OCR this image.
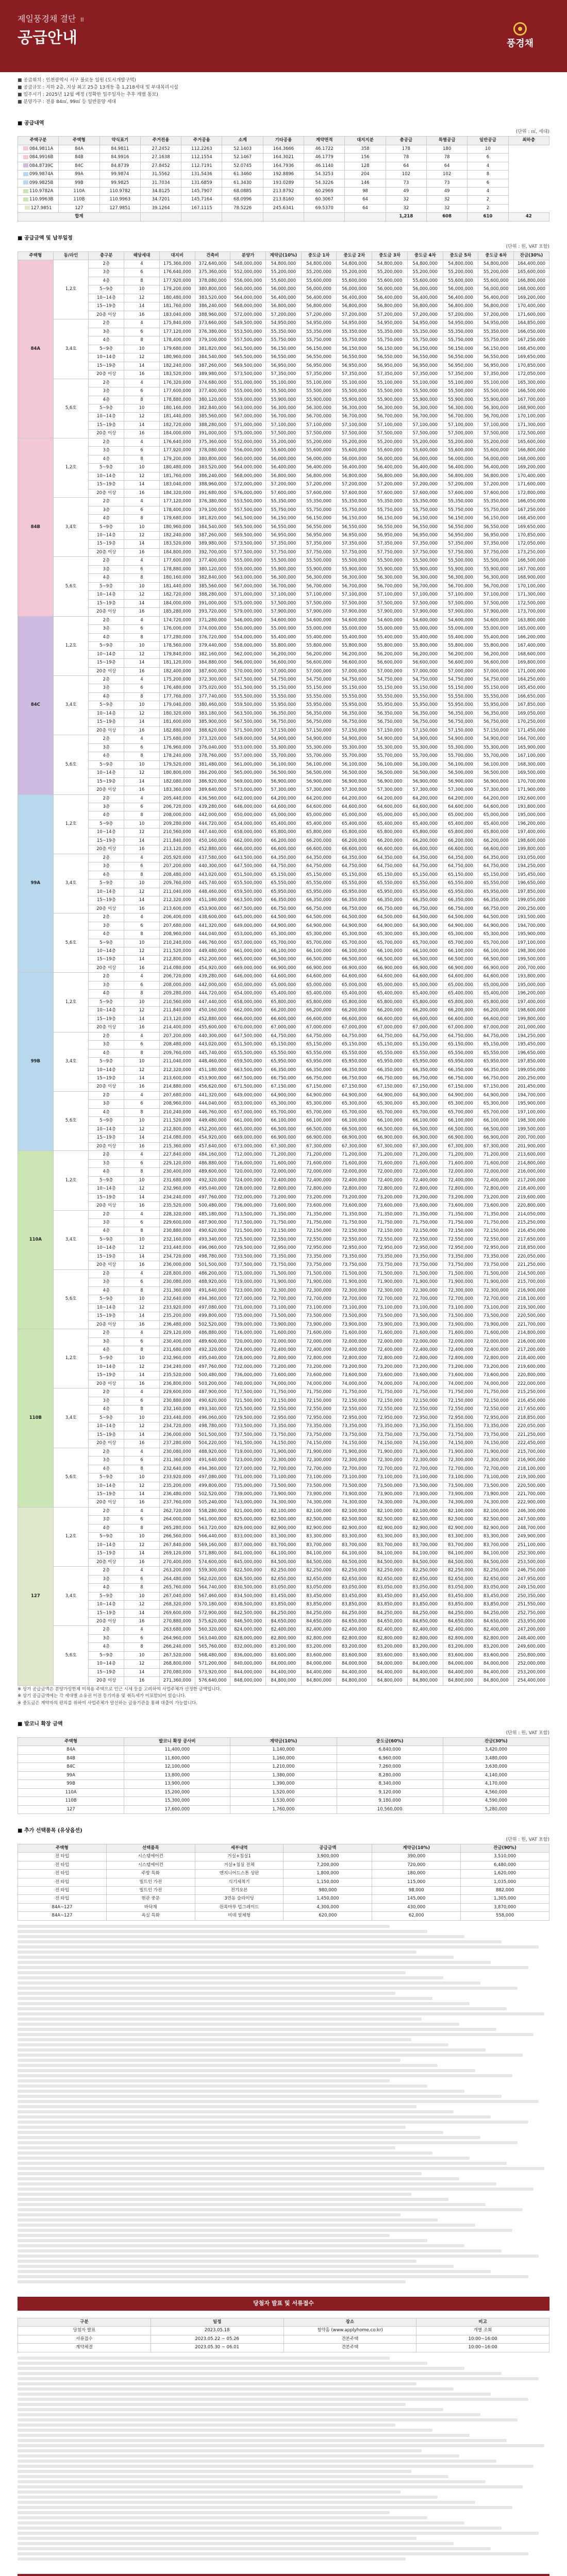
제일풍경채 결단 II
공급안내	풍경채

■ 공급위치 : 인천광역시 서구 불로동 일원 (도시개발구역)

■ 공급규모 : 지하 2층, 지상 최고 25층 13개동 총 1,218세대 및 부대복리시설

■ 입주시기 : 2025년 12월 예정 (정확한 입주일자는 추후 개별 통보)

■ 분양가구 : 전용 84㎡, 99㎡ 등 일반분양 세대

■ 공급내역
(단위 : ㎡, 세대)
주택구분	주택형	약식표기	주거전용	주거공용	소계	기타공용	계약면적	대지지분	총공급	특별공급	일반공급	최하층
084.9811A	84A	84.9811	27.2452	112.2263	52.1403	164.3666	46.1722	358	178	180	10	
084.9916B	84B	84.9916	27.1638	112.1554	52.1467	164.3021	46.1779	156	78	78	6	
084.8739C	84C	84.8739	27.8452	112.7191	52.0745	164.7936	46.1140	128	64	64	4	
099.9874A	99A	99.9874	31.5562	131.5436	61.3460	192.8896	54.3253	204	102	102	8	
099.9825B	99B	99.9825	31.7034	131.6859	61.3430	193.0289	54.3226	146	73	73	6	
110.9782A	110A	110.9782	34.8125	145.7907	68.0885	213.8792	60.2969	98	49	49	4	
110.9963B	110B	110.9963	34.7201	145.7164	68.0996	213.8160	60.3067	64	32	32	2	
127.9851	127	127.9851	39.1264	167.1115	78.5226	245.6341	69.5370	64	32	32	2	
합계									1,218	608	610	42
■ 공급금액 및 납부일정
(단위 : 원, VAT 포함)
주택형	동/라인	층구분	해당세대	대지비	건축비	분양가	계약금(10%)	중도금 1차	중도금 2차	중도금 3차	중도금 4차	중도금 5차	중도금 6차	잔금(30%)
84A	1,2호	2층	4	175,360,000	372,640,000	548,000,000	54,800,000	54,800,000	54,800,000	54,800,000	54,800,000	54,800,000	54,800,000	164,400,000
		3층	6	176,640,000	375,360,000	552,000,000	55,200,000	55,200,000	55,200,000	55,200,000	55,200,000	55,200,000	55,200,000	165,600,000
		4층	8	177,920,000	378,080,000	556,000,000	55,600,000	55,600,000	55,600,000	55,600,000	55,600,000	55,600,000	55,600,000	166,800,000
		5~9층	10	179,200,000	380,800,000	560,000,000	56,000,000	56,000,000	56,000,000	56,000,000	56,000,000	56,000,000	56,000,000	168,000,000
		10~14층	12	180,480,000	383,520,000	564,000,000	56,400,000	56,400,000	56,400,000	56,400,000	56,400,000	56,400,000	56,400,000	169,200,000
		15~19층	14	181,760,000	386,240,000	568,000,000	56,800,000	56,800,000	56,800,000	56,800,000	56,800,000	56,800,000	56,800,000	170,400,000
		20층 이상	16	183,040,000	388,960,000	572,000,000	57,200,000	57,200,000	57,200,000	57,200,000	57,200,000	57,200,000	57,200,000	171,600,000
	3,4호	2층	4	175,840,000	373,660,000	549,500,000	54,950,000	54,950,000	54,950,000	54,950,000	54,950,000	54,950,000	54,950,000	164,850,000
		3층	6	177,120,000	376,380,000	553,500,000	55,350,000	55,350,000	55,350,000	55,350,000	55,350,000	55,350,000	55,350,000	166,050,000
		4층	8	178,400,000	379,100,000	557,500,000	55,750,000	55,750,000	55,750,000	55,750,000	55,750,000	55,750,000	55,750,000	167,250,000
		5~9층	10	179,680,000	381,820,000	561,500,000	56,150,000	56,150,000	56,150,000	56,150,000	56,150,000	56,150,000	56,150,000	168,450,000
		10~14층	12	180,960,000	384,540,000	565,500,000	56,550,000	56,550,000	56,550,000	56,550,000	56,550,000	56,550,000	56,550,000	169,650,000
		15~19층	14	182,240,000	387,260,000	569,500,000	56,950,000	56,950,000	56,950,000	56,950,000	56,950,000	56,950,000	56,950,000	170,850,000
		20층 이상	16	183,520,000	389,980,000	573,500,000	57,350,000	57,350,000	57,350,000	57,350,000	57,350,000	57,350,000	57,350,000	172,050,000
	5,6호	2층	4	176,320,000	374,680,000	551,000,000	55,100,000	55,100,000	55,100,000	55,100,000	55,100,000	55,100,000	55,100,000	165,300,000
		3층	6	177,600,000	377,400,000	555,000,000	55,500,000	55,500,000	55,500,000	55,500,000	55,500,000	55,500,000	55,500,000	166,500,000
		4층	8	178,880,000	380,120,000	559,000,000	55,900,000	55,900,000	55,900,000	55,900,000	55,900,000	55,900,000	55,900,000	167,700,000
		5~9층	10	180,160,000	382,840,000	563,000,000	56,300,000	56,300,000	56,300,000	56,300,000	56,300,000	56,300,000	56,300,000	168,900,000
		10~14층	12	181,440,000	385,560,000	567,000,000	56,700,000	56,700,000	56,700,000	56,700,000	56,700,000	56,700,000	56,700,000	170,100,000
		15~19층	14	182,720,000	388,280,000	571,000,000	57,100,000	57,100,000	57,100,000	57,100,000	57,100,000	57,100,000	57,100,000	171,300,000
		20층 이상	16	184,000,000	391,000,000	575,000,000	57,500,000	57,500,000	57,500,000	57,500,000	57,500,000	57,500,000	57,500,000	172,500,000
84B	1,2호	2층	4	176,640,000	375,360,000	552,000,000	55,200,000	55,200,000	55,200,000	55,200,000	55,200,000	55,200,000	55,200,000	165,600,000
		3층	6	177,920,000	378,080,000	556,000,000	55,600,000	55,600,000	55,600,000	55,600,000	55,600,000	55,600,000	55,600,000	166,800,000
		4층	8	179,200,000	380,800,000	560,000,000	56,000,000	56,000,000	56,000,000	56,000,000	56,000,000	56,000,000	56,000,000	168,000,000
		5~9층	10	180,480,000	383,520,000	564,000,000	56,400,000	56,400,000	56,400,000	56,400,000	56,400,000	56,400,000	56,400,000	169,200,000
		10~14층	12	181,760,000	386,240,000	568,000,000	56,800,000	56,800,000	56,800,000	56,800,000	56,800,000	56,800,000	56,800,000	170,400,000
		15~19층	14	183,040,000	388,960,000	572,000,000	57,200,000	57,200,000	57,200,000	57,200,000	57,200,000	57,200,000	57,200,000	171,600,000
		20층 이상	16	184,320,000	391,680,000	576,000,000	57,600,000	57,600,000	57,600,000	57,600,000	57,600,000	57,600,000	57,600,000	172,800,000
	3,4호	2층	4	177,120,000	376,380,000	553,500,000	55,350,000	55,350,000	55,350,000	55,350,000	55,350,000	55,350,000	55,350,000	166,050,000
		3층	6	178,400,000	379,100,000	557,500,000	55,750,000	55,750,000	55,750,000	55,750,000	55,750,000	55,750,000	55,750,000	167,250,000
		4층	8	179,680,000	381,820,000	561,500,000	56,150,000	56,150,000	56,150,000	56,150,000	56,150,000	56,150,000	56,150,000	168,450,000
		5~9층	10	180,960,000	384,540,000	565,500,000	56,550,000	56,550,000	56,550,000	56,550,000	56,550,000	56,550,000	56,550,000	169,650,000
		10~14층	12	182,240,000	387,260,000	569,500,000	56,950,000	56,950,000	56,950,000	56,950,000	56,950,000	56,950,000	56,950,000	170,850,000
		15~19층	14	183,520,000	389,980,000	573,500,000	57,350,000	57,350,000	57,350,000	57,350,000	57,350,000	57,350,000	57,350,000	172,050,000
		20층 이상	16	184,800,000	392,700,000	577,500,000	57,750,000	57,750,000	57,750,000	57,750,000	57,750,000	57,750,000	57,750,000	173,250,000
	5,6호	2층	4	177,600,000	377,400,000	555,000,000	55,500,000	55,500,000	55,500,000	55,500,000	55,500,000	55,500,000	55,500,000	166,500,000
		3층	6	178,880,000	380,120,000	559,000,000	55,900,000	55,900,000	55,900,000	55,900,000	55,900,000	55,900,000	55,900,000	167,700,000
		4층	8	180,160,000	382,840,000	563,000,000	56,300,000	56,300,000	56,300,000	56,300,000	56,300,000	56,300,000	56,300,000	168,900,000
		5~9층	10	181,440,000	385,560,000	567,000,000	56,700,000	56,700,000	56,700,000	56,700,000	56,700,000	56,700,000	56,700,000	170,100,000
		10~14층	12	182,720,000	388,280,000	571,000,000	57,100,000	57,100,000	57,100,000	57,100,000	57,100,000	57,100,000	57,100,000	171,300,000
		15~19층	14	184,000,000	391,000,000	575,000,000	57,500,000	57,500,000	57,500,000	57,500,000	57,500,000	57,500,000	57,500,000	172,500,000
		20층 이상	16	185,280,000	393,720,000	579,000,000	57,900,000	57,900,000	57,900,000	57,900,000	57,900,000	57,900,000	57,900,000	173,700,000
84C	1,2호	2층	4	174,720,000	371,280,000	546,000,000	54,600,000	54,600,000	54,600,000	54,600,000	54,600,000	54,600,000	54,600,000	163,800,000
		3층	6	176,000,000	374,000,000	550,000,000	55,000,000	55,000,000	55,000,000	55,000,000	55,000,000	55,000,000	55,000,000	165,000,000
		4층	8	177,280,000	376,720,000	554,000,000	55,400,000	55,400,000	55,400,000	55,400,000	55,400,000	55,400,000	55,400,000	166,200,000
		5~9층	10	178,560,000	379,440,000	558,000,000	55,800,000	55,800,000	55,800,000	55,800,000	55,800,000	55,800,000	55,800,000	167,400,000
		10~14층	12	179,840,000	382,160,000	562,000,000	56,200,000	56,200,000	56,200,000	56,200,000	56,200,000	56,200,000	56,200,000	168,600,000
		15~19층	14	181,120,000	384,880,000	566,000,000	56,600,000	56,600,000	56,600,000	56,600,000	56,600,000	56,600,000	56,600,000	169,800,000
		20층 이상	16	182,400,000	387,600,000	570,000,000	57,000,000	57,000,000	57,000,000	57,000,000	57,000,000	57,000,000	57,000,000	171,000,000
	3,4호	2층	4	175,200,000	372,300,000	547,500,000	54,750,000	54,750,000	54,750,000	54,750,000	54,750,000	54,750,000	54,750,000	164,250,000
		3층	6	176,480,000	375,020,000	551,500,000	55,150,000	55,150,000	55,150,000	55,150,000	55,150,000	55,150,000	55,150,000	165,450,000
		4층	8	177,760,000	377,740,000	555,500,000	55,550,000	55,550,000	55,550,000	55,550,000	55,550,000	55,550,000	55,550,000	166,650,000
		5~9층	10	179,040,000	380,460,000	559,500,000	55,950,000	55,950,000	55,950,000	55,950,000	55,950,000	55,950,000	55,950,000	167,850,000
		10~14층	12	180,320,000	383,180,000	563,500,000	56,350,000	56,350,000	56,350,000	56,350,000	56,350,000	56,350,000	56,350,000	169,050,000
		15~19층	14	181,600,000	385,900,000	567,500,000	56,750,000	56,750,000	56,750,000	56,750,000	56,750,000	56,750,000	56,750,000	170,250,000
		20층 이상	16	182,880,000	388,620,000	571,500,000	57,150,000	57,150,000	57,150,000	57,150,000	57,150,000	57,150,000	57,150,000	171,450,000
	5,6호	2층	4	175,680,000	373,320,000	549,000,000	54,900,000	54,900,000	54,900,000	54,900,000	54,900,000	54,900,000	54,900,000	164,700,000
		3층	6	176,960,000	376,040,000	553,000,000	55,300,000	55,300,000	55,300,000	55,300,000	55,300,000	55,300,000	55,300,000	165,900,000
		4층	8	178,240,000	378,760,000	557,000,000	55,700,000	55,700,000	55,700,000	55,700,000	55,700,000	55,700,000	55,700,000	167,100,000
		5~9층	10	179,520,000	381,480,000	561,000,000	56,100,000	56,100,000	56,100,000	56,100,000	56,100,000	56,100,000	56,100,000	168,300,000
		10~14층	12	180,800,000	384,200,000	565,000,000	56,500,000	56,500,000	56,500,000	56,500,000	56,500,000	56,500,000	56,500,000	169,500,000
		15~19층	14	182,080,000	386,920,000	569,000,000	56,900,000	56,900,000	56,900,000	56,900,000	56,900,000	56,900,000	56,900,000	170,700,000
		20층 이상	16	183,360,000	389,640,000	573,000,000	57,300,000	57,300,000	57,300,000	57,300,000	57,300,000	57,300,000	57,300,000	171,900,000
99A	1,2호	2층	4	205,440,000	436,560,000	642,000,000	64,200,000	64,200,000	64,200,000	64,200,000	64,200,000	64,200,000	64,200,000	192,600,000
		3층	6	206,720,000	439,280,000	646,000,000	64,600,000	64,600,000	64,600,000	64,600,000	64,600,000	64,600,000	64,600,000	193,800,000
		4층	8	208,000,000	442,000,000	650,000,000	65,000,000	65,000,000	65,000,000	65,000,000	65,000,000	65,000,000	65,000,000	195,000,000
		5~9층	10	209,280,000	444,720,000	654,000,000	65,400,000	65,400,000	65,400,000	65,400,000	65,400,000	65,400,000	65,400,000	196,200,000
		10~14층	12	210,560,000	447,440,000	658,000,000	65,800,000	65,800,000	65,800,000	65,800,000	65,800,000	65,800,000	65,800,000	197,400,000
		15~19층	14	211,840,000	450,160,000	662,000,000	66,200,000	66,200,000	66,200,000	66,200,000	66,200,000	66,200,000	66,200,000	198,600,000
		20층 이상	16	213,120,000	452,880,000	666,000,000	66,600,000	66,600,000	66,600,000	66,600,000	66,600,000	66,600,000	66,600,000	199,800,000
	3,4호	2층	4	205,920,000	437,580,000	643,500,000	64,350,000	64,350,000	64,350,000	64,350,000	64,350,000	64,350,000	64,350,000	193,050,000
		3층	6	207,200,000	440,300,000	647,500,000	64,750,000	64,750,000	64,750,000	64,750,000	64,750,000	64,750,000	64,750,000	194,250,000
		4층	8	208,480,000	443,020,000	651,500,000	65,150,000	65,150,000	65,150,000	65,150,000	65,150,000	65,150,000	65,150,000	195,450,000
		5~9층	10	209,760,000	445,740,000	655,500,000	65,550,000	65,550,000	65,550,000	65,550,000	65,550,000	65,550,000	65,550,000	196,650,000
		10~14층	12	211,040,000	448,460,000	659,500,000	65,950,000	65,950,000	65,950,000	65,950,000	65,950,000	65,950,000	65,950,000	197,850,000
		15~19층	14	212,320,000	451,180,000	663,500,000	66,350,000	66,350,000	66,350,000	66,350,000	66,350,000	66,350,000	66,350,000	199,050,000
		20층 이상	16	213,600,000	453,900,000	667,500,000	66,750,000	66,750,000	66,750,000	66,750,000	66,750,000	66,750,000	66,750,000	200,250,000
	5,6호	2층	4	206,400,000	438,600,000	645,000,000	64,500,000	64,500,000	64,500,000	64,500,000	64,500,000	64,500,000	64,500,000	193,500,000
		3층	6	207,680,000	441,320,000	649,000,000	64,900,000	64,900,000	64,900,000	64,900,000	64,900,000	64,900,000	64,900,000	194,700,000
		4층	8	208,960,000	444,040,000	653,000,000	65,300,000	65,300,000	65,300,000	65,300,000	65,300,000	65,300,000	65,300,000	195,900,000
		5~9층	10	210,240,000	446,760,000	657,000,000	65,700,000	65,700,000	65,700,000	65,700,000	65,700,000	65,700,000	65,700,000	197,100,000
		10~14층	12	211,520,000	449,480,000	661,000,000	66,100,000	66,100,000	66,100,000	66,100,000	66,100,000	66,100,000	66,100,000	198,300,000
		15~19층	14	212,800,000	452,200,000	665,000,000	66,500,000	66,500,000	66,500,000	66,500,000	66,500,000	66,500,000	66,500,000	199,500,000
		20층 이상	16	214,080,000	454,920,000	669,000,000	66,900,000	66,900,000	66,900,000	66,900,000	66,900,000	66,900,000	66,900,000	200,700,000
99B	1,2호	2층	4	206,720,000	439,280,000	646,000,000	64,600,000	64,600,000	64,600,000	64,600,000	64,600,000	64,600,000	64,600,000	193,800,000
		3층	6	208,000,000	442,000,000	650,000,000	65,000,000	65,000,000	65,000,000	65,000,000	65,000,000	65,000,000	65,000,000	195,000,000
		4층	8	209,280,000	444,720,000	654,000,000	65,400,000	65,400,000	65,400,000	65,400,000	65,400,000	65,400,000	65,400,000	196,200,000
		5~9층	10	210,560,000	447,440,000	658,000,000	65,800,000	65,800,000	65,800,000	65,800,000	65,800,000	65,800,000	65,800,000	197,400,000
		10~14층	12	211,840,000	450,160,000	662,000,000	66,200,000	66,200,000	66,200,000	66,200,000	66,200,000	66,200,000	66,200,000	198,600,000
		15~19층	14	213,120,000	452,880,000	666,000,000	66,600,000	66,600,000	66,600,000	66,600,000	66,600,000	66,600,000	66,600,000	199,800,000
		20층 이상	16	214,400,000	455,600,000	670,000,000	67,000,000	67,000,000	67,000,000	67,000,000	67,000,000	67,000,000	67,000,000	201,000,000
	3,4호	2층	4	207,200,000	440,300,000	647,500,000	64,750,000	64,750,000	64,750,000	64,750,000	64,750,000	64,750,000	64,750,000	194,250,000
		3층	6	208,480,000	443,020,000	651,500,000	65,150,000	65,150,000	65,150,000	65,150,000	65,150,000	65,150,000	65,150,000	195,450,000
		4층	8	209,760,000	445,740,000	655,500,000	65,550,000	65,550,000	65,550,000	65,550,000	65,550,000	65,550,000	65,550,000	196,650,000
		5~9층	10	211,040,000	448,460,000	659,500,000	65,950,000	65,950,000	65,950,000	65,950,000	65,950,000	65,950,000	65,950,000	197,850,000
		10~14층	12	212,320,000	451,180,000	663,500,000	66,350,000	66,350,000	66,350,000	66,350,000	66,350,000	66,350,000	66,350,000	199,050,000
		15~19층	14	213,600,000	453,900,000	667,500,000	66,750,000	66,750,000	66,750,000	66,750,000	66,750,000	66,750,000	66,750,000	200,250,000
		20층 이상	16	214,880,000	456,620,000	671,500,000	67,150,000	67,150,000	67,150,000	67,150,000	67,150,000	67,150,000	67,150,000	201,450,000
	5,6호	2층	4	207,680,000	441,320,000	649,000,000	64,900,000	64,900,000	64,900,000	64,900,000	64,900,000	64,900,000	64,900,000	194,700,000
		3층	6	208,960,000	444,040,000	653,000,000	65,300,000	65,300,000	65,300,000	65,300,000	65,300,000	65,300,000	65,300,000	195,900,000
		4층	8	210,240,000	446,760,000	657,000,000	65,700,000	65,700,000	65,700,000	65,700,000	65,700,000	65,700,000	65,700,000	197,100,000
		5~9층	10	211,520,000	449,480,000	661,000,000	66,100,000	66,100,000	66,100,000	66,100,000	66,100,000	66,100,000	66,100,000	198,300,000
		10~14층	12	212,800,000	452,200,000	665,000,000	66,500,000	66,500,000	66,500,000	66,500,000	66,500,000	66,500,000	66,500,000	199,500,000
		15~19층	14	214,080,000	454,920,000	669,000,000	66,900,000	66,900,000	66,900,000	66,900,000	66,900,000	66,900,000	66,900,000	200,700,000
		20층 이상	16	215,360,000	457,640,000	673,000,000	67,300,000	67,300,000	67,300,000	67,300,000	67,300,000	67,300,000	67,300,000	201,900,000
110A	1,2호	2층	4	227,840,000	484,160,000	712,000,000	71,200,000	71,200,000	71,200,000	71,200,000	71,200,000	71,200,000	71,200,000	213,600,000
		3층	6	229,120,000	486,880,000	716,000,000	71,600,000	71,600,000	71,600,000	71,600,000	71,600,000	71,600,000	71,600,000	214,800,000
		4층	8	230,400,000	489,600,000	720,000,000	72,000,000	72,000,000	72,000,000	72,000,000	72,000,000	72,000,000	72,000,000	216,000,000
		5~9층	10	231,680,000	492,320,000	724,000,000	72,400,000	72,400,000	72,400,000	72,400,000	72,400,000	72,400,000	72,400,000	217,200,000
		10~14층	12	232,960,000	495,040,000	728,000,000	72,800,000	72,800,000	72,800,000	72,800,000	72,800,000	72,800,000	72,800,000	218,400,000
		15~19층	14	234,240,000	497,760,000	732,000,000	73,200,000	73,200,000	73,200,000	73,200,000	73,200,000	73,200,000	73,200,000	219,600,000
		20층 이상	16	235,520,000	500,480,000	736,000,000	73,600,000	73,600,000	73,600,000	73,600,000	73,600,000	73,600,000	73,600,000	220,800,000
	3,4호	2층	4	228,320,000	485,180,000	713,500,000	71,350,000	71,350,000	71,350,000	71,350,000	71,350,000	71,350,000	71,350,000	214,050,000
		3층	6	229,600,000	487,900,000	717,500,000	71,750,000	71,750,000	71,750,000	71,750,000	71,750,000	71,750,000	71,750,000	215,250,000
		4층	8	230,880,000	490,620,000	721,500,000	72,150,000	72,150,000	72,150,000	72,150,000	72,150,000	72,150,000	72,150,000	216,450,000
		5~9층	10	232,160,000	493,340,000	725,500,000	72,550,000	72,550,000	72,550,000	72,550,000	72,550,000	72,550,000	72,550,000	217,650,000
		10~14층	12	233,440,000	496,060,000	729,500,000	72,950,000	72,950,000	72,950,000	72,950,000	72,950,000	72,950,000	72,950,000	218,850,000
		15~19층	14	234,720,000	498,780,000	733,500,000	73,350,000	73,350,000	73,350,000	73,350,000	73,350,000	73,350,000	73,350,000	220,050,000
		20층 이상	16	236,000,000	501,500,000	737,500,000	73,750,000	73,750,000	73,750,000	73,750,000	73,750,000	73,750,000	73,750,000	221,250,000
	5,6호	2층	4	228,800,000	486,200,000	715,000,000	71,500,000	71,500,000	71,500,000	71,500,000	71,500,000	71,500,000	71,500,000	214,500,000
		3층	6	230,080,000	488,920,000	719,000,000	71,900,000	71,900,000	71,900,000	71,900,000	71,900,000	71,900,000	71,900,000	215,700,000
		4층	8	231,360,000	491,640,000	723,000,000	72,300,000	72,300,000	72,300,000	72,300,000	72,300,000	72,300,000	72,300,000	216,900,000
		5~9층	10	232,640,000	494,360,000	727,000,000	72,700,000	72,700,000	72,700,000	72,700,000	72,700,000	72,700,000	72,700,000	218,100,000
		10~14층	12	233,920,000	497,080,000	731,000,000	73,100,000	73,100,000	73,100,000	73,100,000	73,100,000	73,100,000	73,100,000	219,300,000
		15~19층	14	235,200,000	499,800,000	735,000,000	73,500,000	73,500,000	73,500,000	73,500,000	73,500,000	73,500,000	73,500,000	220,500,000
		20층 이상	16	236,480,000	502,520,000	739,000,000	73,900,000	73,900,000	73,900,000	73,900,000	73,900,000	73,900,000	73,900,000	221,700,000
110B	1,2호	2층	4	229,120,000	486,880,000	716,000,000	71,600,000	71,600,000	71,600,000	71,600,000	71,600,000	71,600,000	71,600,000	214,800,000
		3층	6	230,400,000	489,600,000	720,000,000	72,000,000	72,000,000	72,000,000	72,000,000	72,000,000	72,000,000	72,000,000	216,000,000
		4층	8	231,680,000	492,320,000	724,000,000	72,400,000	72,400,000	72,400,000	72,400,000	72,400,000	72,400,000	72,400,000	217,200,000
		5~9층	10	232,960,000	495,040,000	728,000,000	72,800,000	72,800,000	72,800,000	72,800,000	72,800,000	72,800,000	72,800,000	218,400,000
		10~14층	12	234,240,000	497,760,000	732,000,000	73,200,000	73,200,000	73,200,000	73,200,000	73,200,000	73,200,000	73,200,000	219,600,000
		15~19층	14	235,520,000	500,480,000	736,000,000	73,600,000	73,600,000	73,600,000	73,600,000	73,600,000	73,600,000	73,600,000	220,800,000
		20층 이상	16	236,800,000	503,200,000	740,000,000	74,000,000	74,000,000	74,000,000	74,000,000	74,000,000	74,000,000	74,000,000	222,000,000
	3,4호	2층	4	229,600,000	487,900,000	717,500,000	71,750,000	71,750,000	71,750,000	71,750,000	71,750,000	71,750,000	71,750,000	215,250,000
		3층	6	230,880,000	490,620,000	721,500,000	72,150,000	72,150,000	72,150,000	72,150,000	72,150,000	72,150,000	72,150,000	216,450,000
		4층	8	232,160,000	493,340,000	725,500,000	72,550,000	72,550,000	72,550,000	72,550,000	72,550,000	72,550,000	72,550,000	217,650,000
		5~9층	10	233,440,000	496,060,000	729,500,000	72,950,000	72,950,000	72,950,000	72,950,000	72,950,000	72,950,000	72,950,000	218,850,000
		10~14층	12	234,720,000	498,780,000	733,500,000	73,350,000	73,350,000	73,350,000	73,350,000	73,350,000	73,350,000	73,350,000	220,050,000
		15~19층	14	236,000,000	501,500,000	737,500,000	73,750,000	73,750,000	73,750,000	73,750,000	73,750,000	73,750,000	73,750,000	221,250,000
		20층 이상	16	237,280,000	504,220,000	741,500,000	74,150,000	74,150,000	74,150,000	74,150,000	74,150,000	74,150,000	74,150,000	222,450,000
	5,6호	2층	4	230,080,000	488,920,000	719,000,000	71,900,000	71,900,000	71,900,000	71,900,000	71,900,000	71,900,000	71,900,000	215,700,000
		3층	6	231,360,000	491,640,000	723,000,000	72,300,000	72,300,000	72,300,000	72,300,000	72,300,000	72,300,000	72,300,000	216,900,000
		4층	8	232,640,000	494,360,000	727,000,000	72,700,000	72,700,000	72,700,000	72,700,000	72,700,000	72,700,000	72,700,000	218,100,000
		5~9층	10	233,920,000	497,080,000	731,000,000	73,100,000	73,100,000	73,100,000	73,100,000	73,100,000	73,100,000	73,100,000	219,300,000
		10~14층	12	235,200,000	499,800,000	735,000,000	73,500,000	73,500,000	73,500,000	73,500,000	73,500,000	73,500,000	73,500,000	220,500,000
		15~19층	14	236,480,000	502,520,000	739,000,000	73,900,000	73,900,000	73,900,000	73,900,000	73,900,000	73,900,000	73,900,000	221,700,000
		20층 이상	16	237,760,000	505,240,000	743,000,000	74,300,000	74,300,000	74,300,000	74,300,000	74,300,000	74,300,000	74,300,000	222,900,000
127	1,2호	2층	4	262,720,000	558,280,000	821,000,000	82,100,000	82,100,000	82,100,000	82,100,000	82,100,000	82,100,000	82,100,000	246,300,000
		3층	6	264,000,000	561,000,000	825,000,000	82,500,000	82,500,000	82,500,000	82,500,000	82,500,000	82,500,000	82,500,000	247,500,000
		4층	8	265,280,000	563,720,000	829,000,000	82,900,000	82,900,000	82,900,000	82,900,000	82,900,000	82,900,000	82,900,000	248,700,000
		5~9층	10	266,560,000	566,440,000	833,000,000	83,300,000	83,300,000	83,300,000	83,300,000	83,300,000	83,300,000	83,300,000	249,900,000
		10~14층	12	267,840,000	569,160,000	837,000,000	83,700,000	83,700,000	83,700,000	83,700,000	83,700,000	83,700,000	83,700,000	251,100,000
		15~19층	14	269,120,000	571,880,000	841,000,000	84,100,000	84,100,000	84,100,000	84,100,000	84,100,000	84,100,000	84,100,000	252,300,000
		20층 이상	16	270,400,000	574,600,000	845,000,000	84,500,000	84,500,000	84,500,000	84,500,000	84,500,000	84,500,000	84,500,000	253,500,000
	3,4호	2층	4	263,200,000	559,300,000	822,500,000	82,250,000	82,250,000	82,250,000	82,250,000	82,250,000	82,250,000	82,250,000	246,750,000
		3층	6	264,480,000	562,020,000	826,500,000	82,650,000	82,650,000	82,650,000	82,650,000	82,650,000	82,650,000	82,650,000	247,950,000
		4층	8	265,760,000	564,740,000	830,500,000	83,050,000	83,050,000	83,050,000	83,050,000	83,050,000	83,050,000	83,050,000	249,150,000
		5~9층	10	267,040,000	567,460,000	834,500,000	83,450,000	83,450,000	83,450,000	83,450,000	83,450,000	83,450,000	83,450,000	250,350,000
		10~14층	12	268,320,000	570,180,000	838,500,000	83,850,000	83,850,000	83,850,000	83,850,000	83,850,000	83,850,000	83,850,000	251,550,000
		15~19층	14	269,600,000	572,900,000	842,500,000	84,250,000	84,250,000	84,250,000	84,250,000	84,250,000	84,250,000	84,250,000	252,750,000
		20층 이상	16	270,880,000	575,620,000	846,500,000	84,650,000	84,650,000	84,650,000	84,650,000	84,650,000	84,650,000	84,650,000	253,950,000
	5,6호	2층	4	263,680,000	560,320,000	824,000,000	82,400,000	82,400,000	82,400,000	82,400,000	82,400,000	82,400,000	82,400,000	247,200,000
		3층	6	264,960,000	563,040,000	828,000,000	82,800,000	82,800,000	82,800,000	82,800,000	82,800,000	82,800,000	82,800,000	248,400,000
		4층	8	266,240,000	565,760,000	832,000,000	83,200,000	83,200,000	83,200,000	83,200,000	83,200,000	83,200,000	83,200,000	249,600,000
		5~9층	10	267,520,000	568,480,000	836,000,000	83,600,000	83,600,000	83,600,000	83,600,000	83,600,000	83,600,000	83,600,000	250,800,000
		10~14층	12	268,800,000	571,200,000	840,000,000	84,000,000	84,000,000	84,000,000	84,000,000	84,000,000	84,000,000	84,000,000	252,000,000
		15~19층	14	270,080,000	573,920,000	844,000,000	84,400,000	84,400,000	84,400,000	84,400,000	84,400,000	84,400,000	84,400,000	253,200,000
		20층 이상	16	271,360,000	576,640,000	848,000,000	84,800,000	84,800,000	84,800,000	84,800,000	84,800,000	84,800,000	84,800,000	254,400,000

※ 상기 공급금액은 분양가상한제 미적용 주택으로 인근 시세 등을 고려하여 사업주체가 산정한 금액입니다.

※ 상기 공급금액에는 각 세대별 소유권 이전 등기비용 및 취득세가 미포함되어 있습니다.

※ 중도금은 계약자의 편의를 위하여 사업주체가 알선하는 금융기관을 통해 대출이 가능합니다.

■ 발코니 확장 금액
(단위 : 원, VAT 포함)
주택형	발코니 확장 공사비	계약금(10%)	중도금(60%)	잔금(30%)
84A	11,400,000	1,140,000	6,840,000	3,420,000
84B	11,600,000	1,160,000	6,960,000	3,480,000
84C	12,100,000	1,210,000	7,260,000	3,630,000
99A	13,800,000	1,380,000	8,280,000	4,140,000
99B	13,900,000	1,390,000	8,340,000	4,170,000
110A	15,200,000	1,520,000	9,120,000	4,560,000
110B	15,300,000	1,530,000	9,180,000	4,590,000
127	17,600,000	1,760,000	10,560,000	5,280,000
■ 추가 선택품목 (유상옵션)
(단위 : 원, VAT 포함)
주택형	선택품목	세부내역	공급금액	계약금(10%)	잔금(90%)
전 타입	시스템에어컨	거실+침실1	3,900,000	390,000	3,510,000
전 타입	시스템에어컨	거실+침실 전체	7,200,000	720,000	6,480,000
전 타입	주방 특화	엔지니어드스톤 상판	1,800,000	180,000	1,620,000
전 타입	빌트인 가전	식기세척기	1,150,000	115,000	1,035,000
전 타입	빌트인 가전	전기오븐	980,000	98,000	882,000
전 타입	현관 중문	3연동 슬라이딩	1,450,000	145,000	1,305,000
84A~127	바닥재	원목마루 업그레이드	4,300,000	430,000	3,870,000
84A~127	욕실 특화	비데 일체형	620,000	62,000	558,000
당첨자 발표 및 서류접수
구분	일정	장소	비고
당첨자 발표	2023.05.18	청약홈 (www.applyhome.co.kr)	개별 조회
서류접수	2023.05.22 ~ 05.26	견본주택	10:00~16:00
계약체결	2023.05.30 ~ 06.01	견본주택	10:00~16:00
